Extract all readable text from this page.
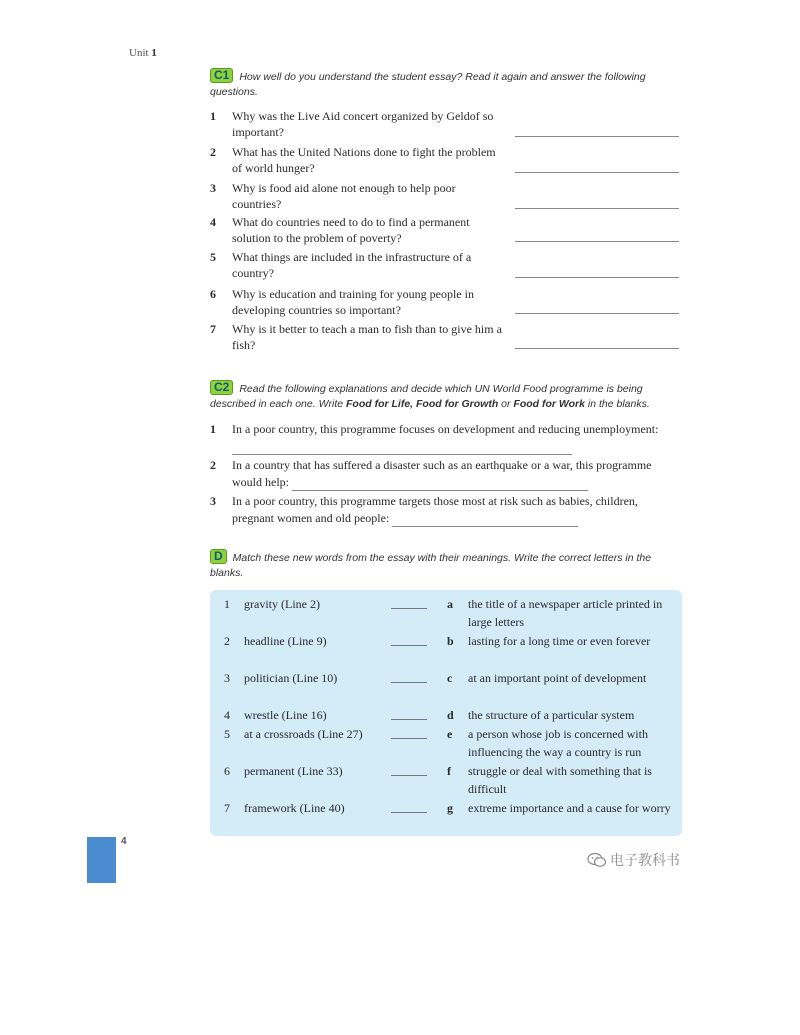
Unit 1
C1 How well do you understand the student essay? Read it again and answer the following questions.
1 Why was the Live Aid concert organized by Geldof so important?
2 What has the United Nations done to fight the problem of world hunger?
3 Why is food aid alone not enough to help poor countries?
4 What do countries need to do to find a permanent solution to the problem of poverty?
5 What things are included in the infrastructure of a country?
6 Why is education and training for young people in developing countries so important?
7 Why is it better to teach a man to fish than to give him a fish?
C2 Read the following explanations and decide which UN World Food programme is being described in each one. Write Food for Life, Food for Growth or Food for Work in the blanks.
1 In a poor country, this programme focuses on development and reducing unemployment:
2 In a country that has suffered a disaster such as an earthquake or a war, this programme would help:
3 In a poor country, this programme targets those most at risk such as babies, children, pregnant women and old people:
D Match these new words from the essay with their meanings. Write the correct letters in the blanks.
1 gravity (Line 2)	a the title of a newspaper article printed in large letters
2 headline (Line 9)	b lasting for a long time or even forever
3 politician (Line 10)	c at an important point of development
4 wrestle (Line 16)	d the structure of a particular system
5 at a crossroads (Line 27)	e a person whose job is concerned with influencing the way a country is run
6 permanent (Line 33)	f struggle or deal with something that is difficult
7 framework (Line 40)	g extreme importance and a cause for worry
4
电子教科书
